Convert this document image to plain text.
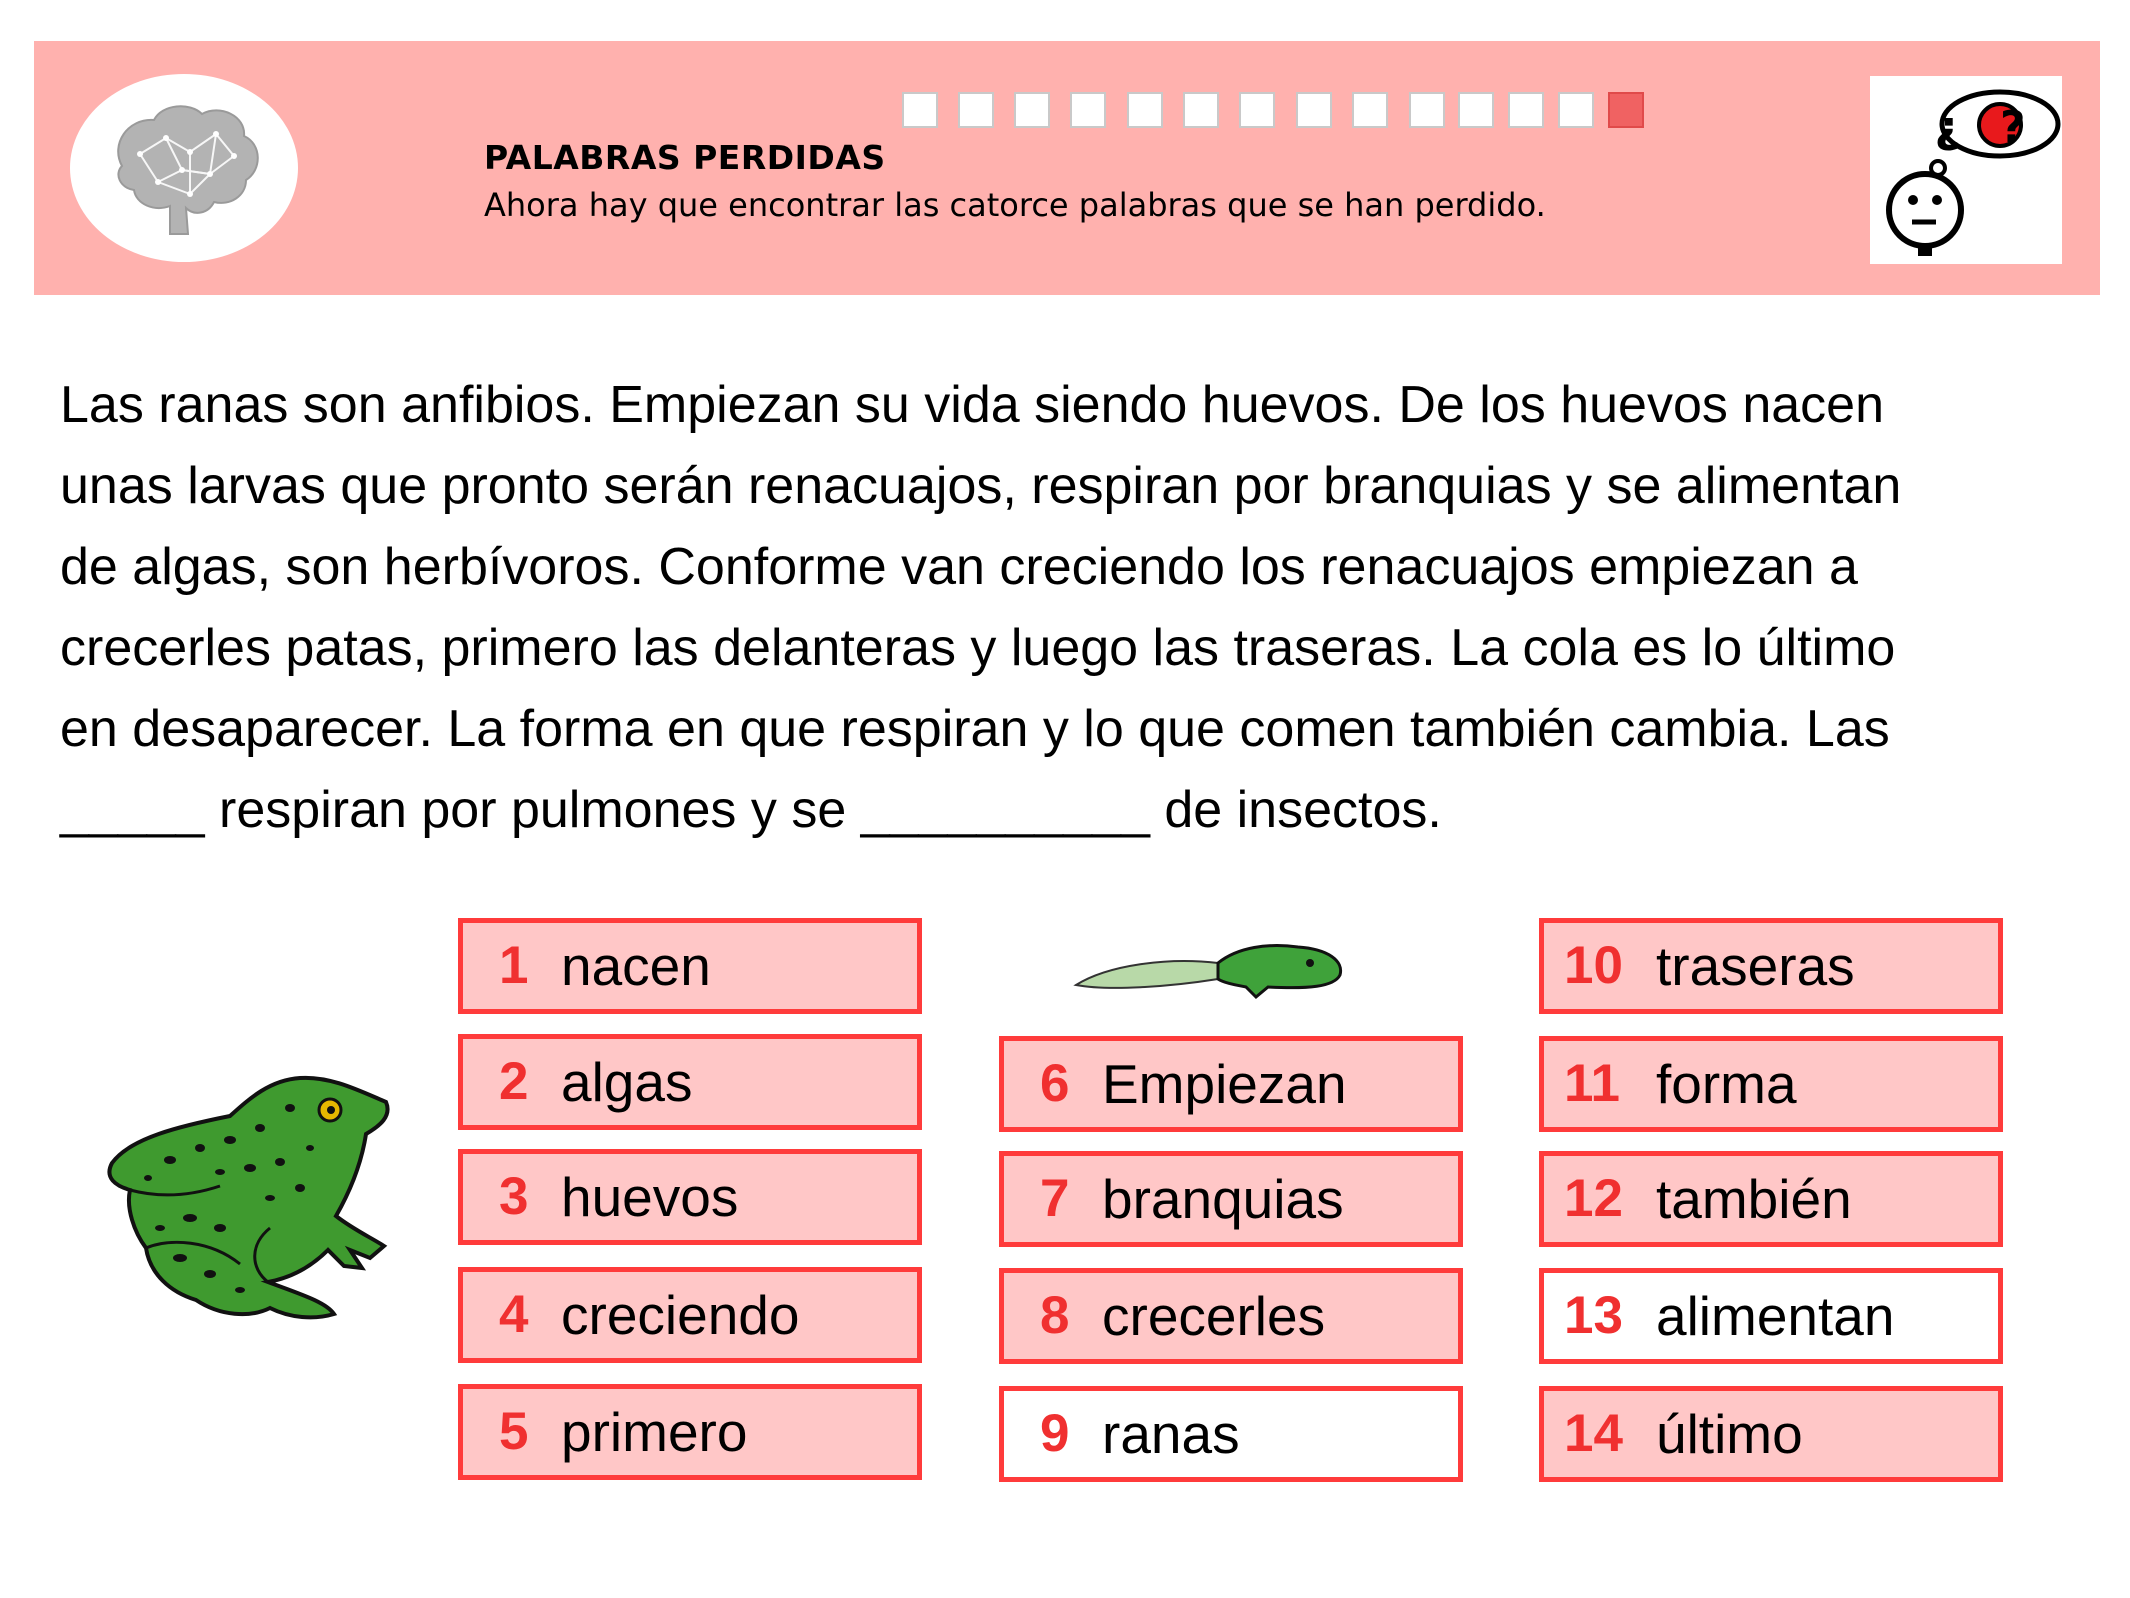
PALABRAS PERDIDAS
Ahora hay que encontrar las catorce palabras que se han perdido.
¿?
Las ranas son anfibios. Empiezan su vida siendo huevos. De los huevos nacen
unas larvas que pronto serán renacuajos, respiran por branquias y se alimentan
de algas, son herbívoros. Conforme van creciendo los renacuajos empiezan a
crecerles patas, primero las delanteras y luego las traseras. La cola es lo último
en desaparecer. La forma en que respiran y lo que comen también cambia. Las
_____ respiran por pulmones y se __________ de insectos.
1 nacen
2 algas
3 huevos
4 creciendo
5 primero
6 Empiezan
7 branquias
8 crecerles
9 ranas
10 traseras
11 forma
12 también
13 alimentan
14 último
